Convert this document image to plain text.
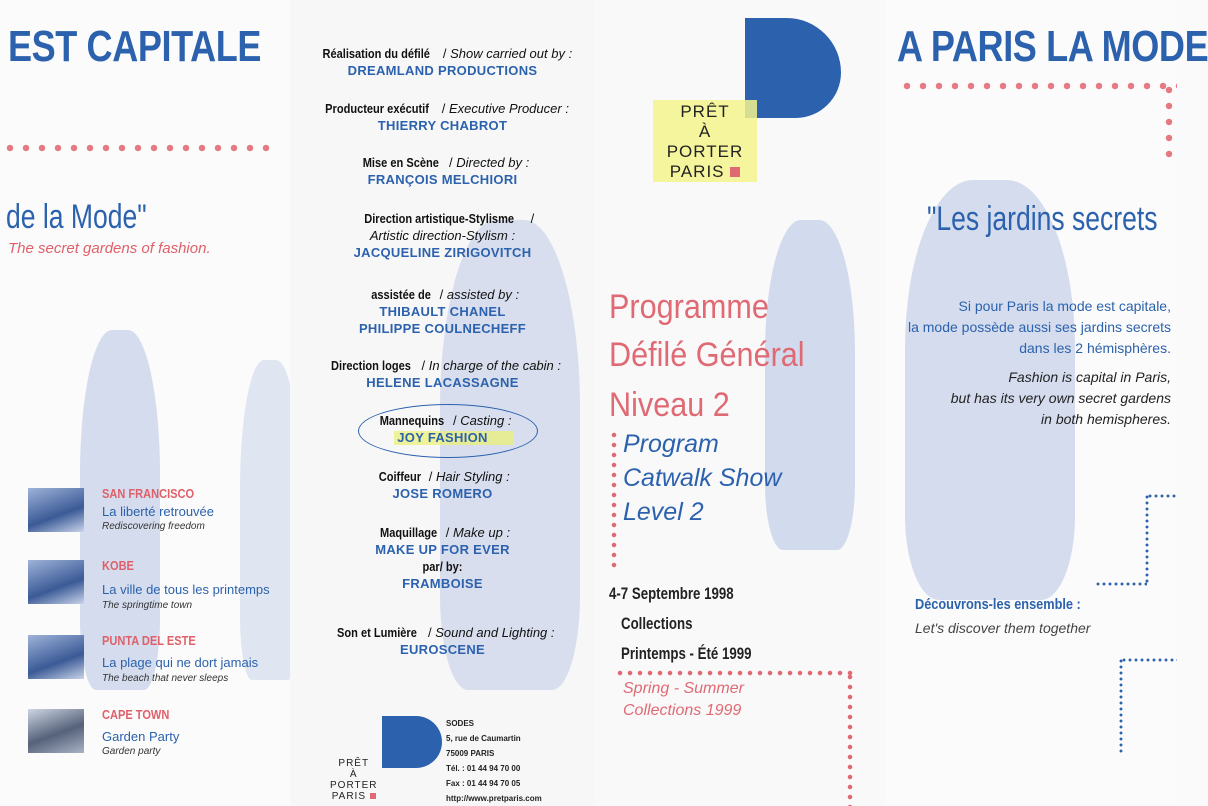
EST CAPITALE
de la Mode"
The secret gardens of fashion.
SAN FRANCISCO
La liberté retrouvée
Rediscovering freedom
KOBE
La ville de tous les printemps
The springtime town
PUNTA DEL ESTE
La plage qui ne dort jamais
The beach that never sleeps
CAPE TOWN
Garden Party
Garden party
Réalisation du défilé / Show carried out by :
DREAMLAND PRODUCTIONS
Producteur exécutif / Executive Producer :
THIERRY CHABROT
Mise en Scène / Directed by :
FRANÇOIS MELCHIORI
Direction artistique-Stylisme /
Artistic direction-Stylism :
JACQUELINE ZIRIGOVITCH
assistée de / assisted by :
THIBAULT CHANEL
PHILIPPE COULNECHEFF
Direction loges / In charge of the cabin :
HELENE LACASSAGNE
Mannequins / Casting :
JOY FASHION
Coiffeur / Hair Styling :
JOSE ROMERO
Maquillage / Make up :
MAKE UP FOR EVER
par/ by:
FRAMBOISE
Son et Lumière / Sound and Lighting :
EUROSCENE
PRÊT
À
PORTER
PARIS
SODES
5, rue de Caumartin
75009 PARIS
Tél. : 01 44 94 70 00
Fax : 01 44 94 70 05
http://www.pretparis.com
PRÊT
À
PORTER
PARIS
Programme
Défilé Général
Niveau 2
Program
Catwalk Show
Level 2
4-7 Septembre 1998
Collections
Printemps - Été 1999
Spring - Summer
Collections 1999
A PARIS LA MODE
"Les jardins secrets
Si pour Paris la mode est capitale,
la mode possède aussi ses jardins secrets
dans les 2 hémisphères.
Fashion is capital in Paris,
but has its very own secret gardens
in both hemispheres.
Découvrons-les ensemble :
Let's discover them together
